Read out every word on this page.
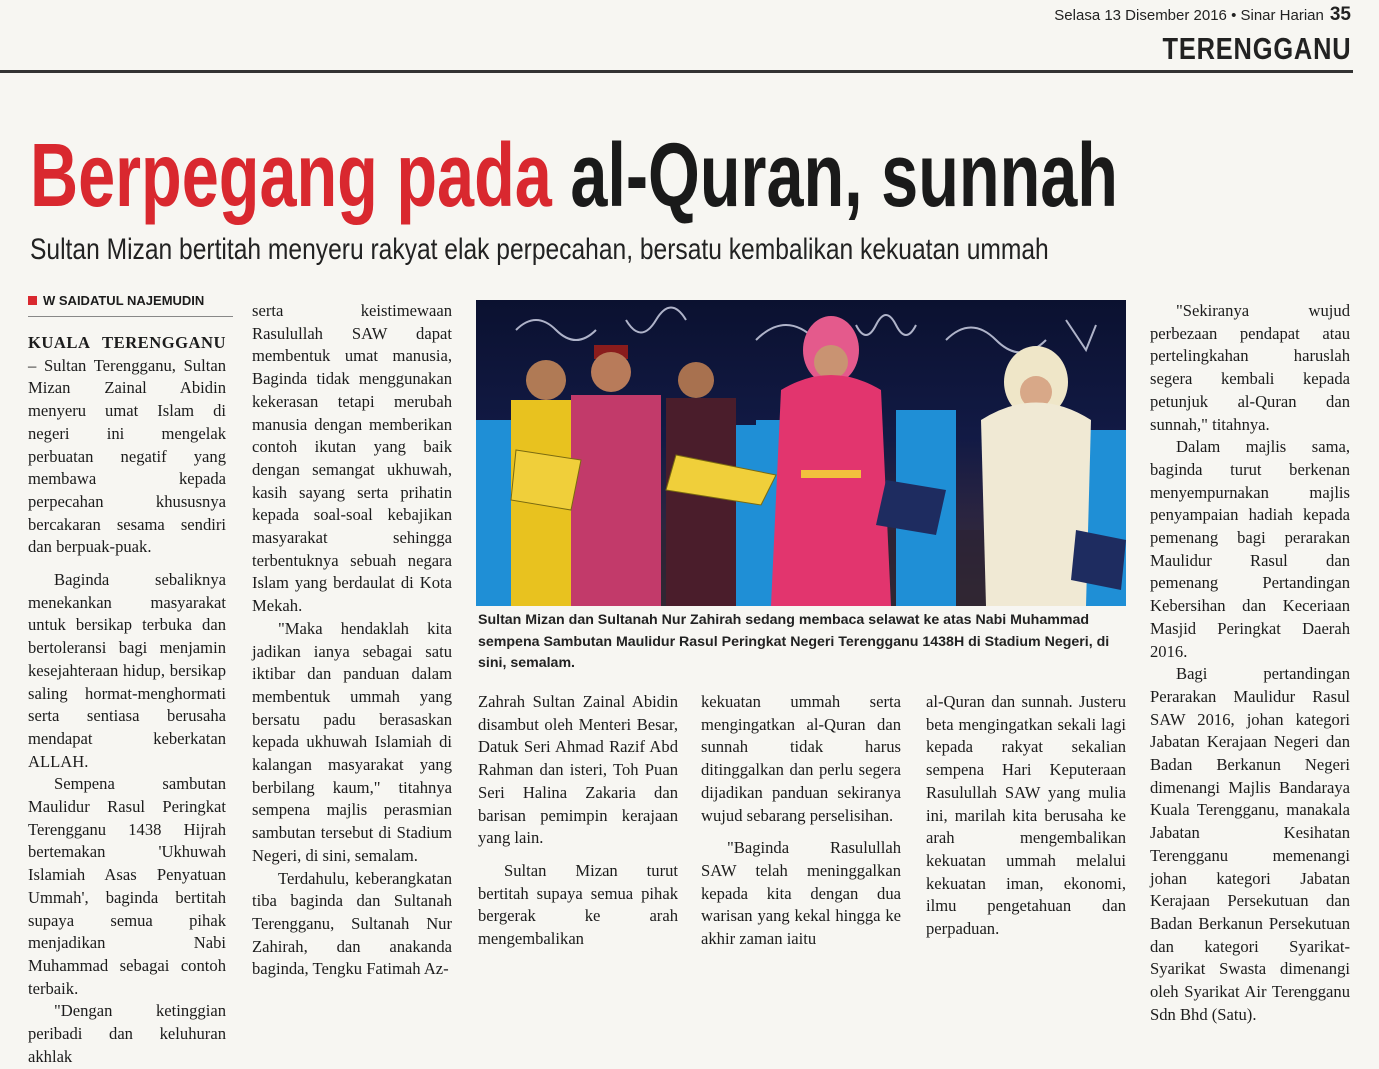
Selasa 13 Disember 2016 • Sinar Harian 35
TERENGGANU
Berpegang pada al-Quran, sunnah
Sultan Mizan bertitah menyeru rakyat elak perpecahan, bersatu kembalikan kekuatan ummah
W SAIDATUL NAJEMUDIN

KUALA TERENGGANU – Sultan Terengganu, Sultan Mizan Zainal Abidin menyeru umat Islam di negeri ini mengelak perbuatan negatif yang membawa kepada perpecahan khususnya bercakaran sesama sendiri dan berpuak-puak.

Baginda sebaliknya menekankan masyarakat untuk bersikap terbuka dan bertoleransi bagi menjamin kesejahteraan hidup, bersikap saling hormat-menghormati serta sentiasa berusaha mendapat keberkatan ALLAH.

Sempena sambutan Maulidur Rasul Peringkat Terengganu 1438 Hijrah bertemakan 'Ukhuwah Islamiah Asas Penyatuan Ummah', baginda bertitah supaya semua pihak menjadikan Nabi Muhammad sebagai contoh terbaik.

"Dengan ketinggian peribadi dan keluhuran akhlak

serta keistimewaan Rasulullah SAW dapat membentuk umat manusia, Baginda tidak menggunakan kekerasan tetapi merubah manusia dengan memberikan contoh ikutan yang baik dengan semangat ukhuwah, kasih sayang serta prihatin kepada soal-soal kebajikan masyarakat sehingga terbentuknya sebuah negara Islam yang berdaulat di Kota Mekah.

"Maka hendaklah kita jadikan ianya sebagai satu iktibar dan panduan dalam membentuk ummah yang bersatu padu berasaskan kepada ukhuwah Islamiah di kalangan masyarakat yang berbilang kaum," titahnya sempena majlis perasmian sambutan tersebut di Stadium Negeri, di sini, semalam.

Terdahulu, keberangkatan tiba baginda dan Sultanah Terengganu, Sultanah Nur Zahirah, dan anakanda baginda, Tengku Fatimah Az-

Sultan Mizan dan Sultanah Nur Zahirah sedang membaca selawat ke atas Nabi Muhammad
sempena Sambutan Maulidur Rasul Peringkat Negeri Terengganu 1438H di Stadium Negeri, di
sini, semalam.

Zahrah Sultan Zainal Abidin disambut oleh Menteri Besar, Datuk Seri Ahmad Razif Abd Rahman dan isteri, Toh Puan Seri Halina Zakaria dan barisan pemimpin kerajaan yang lain.

Sultan Mizan turut bertitah supaya semua pihak bergerak ke arah mengembalikan

kekuatan ummah serta mengingatkan al-Quran dan sunnah tidak harus ditinggalkan dan perlu segera dijadikan panduan sekiranya wujud sebarang perselisihan.

"Baginda Rasulullah SAW telah meninggalkan kepada kita dengan dua warisan yang kekal hingga ke akhir zaman iaitu

al-Quran dan sunnah. Justeru beta mengingatkan sekali lagi kepada rakyat sekalian sempena Hari Keputeraan Rasulullah SAW yang mulia ini, marilah kita berusaha ke arah mengembalikan kekuatan ummah melalui kekuatan iman, ekonomi, ilmu pengetahuan dan perpaduan.

"Sekiranya wujud perbezaan pendapat atau pertelingkahan haruslah segera kembali kepada petunjuk al-Quran dan sunnah," titahnya.

Dalam majlis sama, baginda turut berkenan menyempurnakan majlis penyampaian hadiah kepada pemenang bagi perarakan Maulidur Rasul dan pemenang Pertandingan Kebersihan dan Keceriaan Masjid Peringkat Daerah 2016.

Bagi pertandingan Perarakan Maulidur Rasul SAW 2016, johan kategori Jabatan Kerajaan Negeri dan Badan Berkanun Negeri dimenangi Majlis Bandaraya Kuala Terengganu, manakala Jabatan Kesihatan Terengganu memenangi johan kategori Jabatan Kerajaan Persekutuan dan Badan Berkanun Persekutuan dan kategori Syarikat-Syarikat Swasta dimenangi oleh Syarikat Air Terengganu Sdn Bhd (Satu).
